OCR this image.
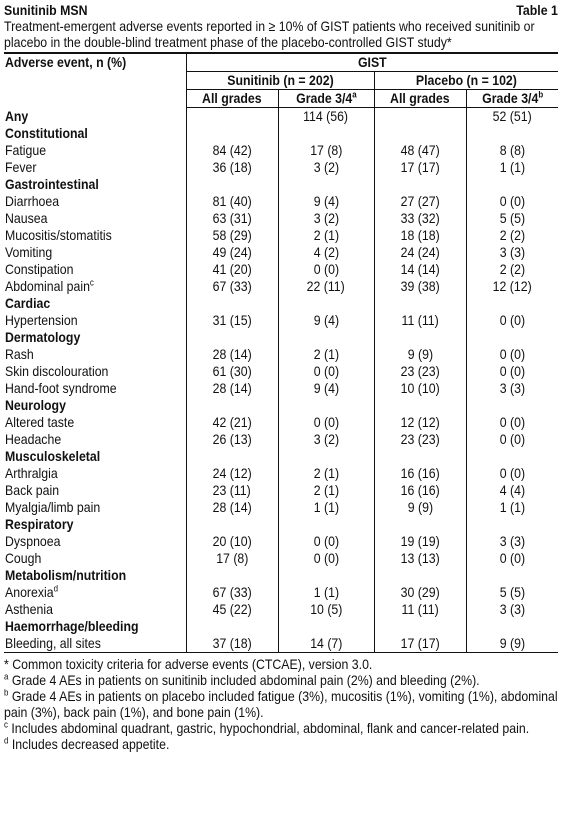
Sunitinib MSN	Table 1
Treatment-emergent adverse events reported in ≥ 10% of GIST patients who received sunitinib or placebo in the double-blind treatment phase of the placebo-controlled GIST study*
Adverse event, n (%)	GIST			
	Sunitinib (n = 202)		Placebo (n = 102)	
	All grades	Grade 3/4$^a$	All grades	Grade 3/4$^b$
Any		114 (56)		52 (51)
Constitutional				
Fatigue	84 (42)	17 (8)	48 (47)	8 (8)
Fever	36 (18)	3 (2)	17 (17)	1 (1)
Gastrointestinal				
Diarrhoea	81 (40)	9 (4)	27 (27)	0 (0)
Nausea	63 (31)	3 (2)	33 (32)	5 (5)
Mucositis/stomatitis	58 (29)	2 (1)	18 (18)	2 (2)
Vomiting	49 (24)	4 (2)	24 (24)	3 (3)
Constipation	41 (20)	0 (0)	14 (14)	2 (2)
Abdominal pain$^c$	67 (33)	22 (11)	39 (38)	12 (12)
Cardiac				
Hypertension	31 (15)	9 (4)	11 (11)	0 (0)
Dermatology				
Rash	28 (14)	2 (1)	9 (9)	0 (0)
Skin discolouration	61 (30)	0 (0)	23 (23)	0 (0)
Hand-foot syndrome	28 (14)	9 (4)	10 (10)	3 (3)
Neurology				
Altered taste	42 (21)	0 (0)	12 (12)	0 (0)
Headache	26 (13)	3 (2)	23 (23)	0 (0)
Musculoskeletal				
Arthralgia	24 (12)	2 (1)	16 (16)	0 (0)
Back pain	23 (11)	2 (1)	16 (16)	4 (4)
Myalgia/limb pain	28 (14)	1 (1)	9 (9)	1 (1)
Respiratory				
Dyspnoea	20 (10)	0 (0)	19 (19)	3 (3)
Cough	17 (8)	0 (0)	13 (13)	0 (0)
Metabolism/nutrition				
Anorexia$^d$	67 (33)	1 (1)	30 (29)	5 (5)
Asthenia	45 (22)	10 (5)	11 (11)	3 (3)
Haemorrhage/bleeding				
Bleeding, all sites	37 (18)	14 (7)	17 (17)	9 (9)

* Common toxicity criteria for adverse events (CTCAE), version 3.0.

$^a$ Grade 4 AEs in patients on sunitinib included abdominal pain (2%) and bleeding (2%).

$^b$ Grade 4 AEs in patients on placebo included fatigue (3%), mucositis (1%), vomiting (1%), abdominal pain (3%), back pain (1%), and bone pain (1%).

$^c$ Includes abdominal quadrant, gastric, hypochondrial, abdominal, flank and cancer-related pain.

$^d$ Includes decreased appetite.
